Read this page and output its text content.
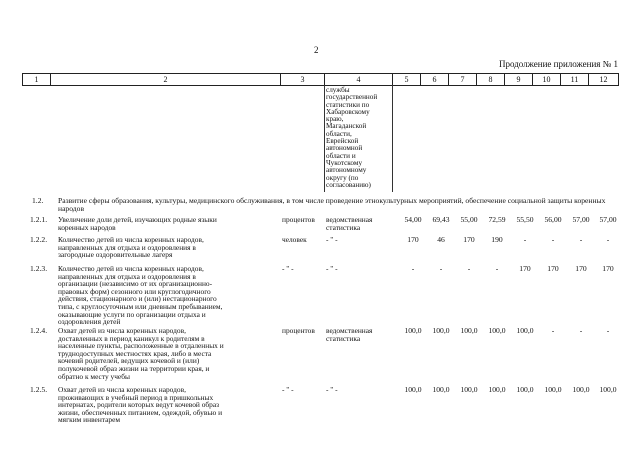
2
Продолжение приложения № 1
1	2	3	4	5	6	7	8	9	10	11	12
службы
государственной
статистики по
Хабаровскому
краю,
Магаданской
области,
Еврейской
автономной
области и
Чукотскому
автономному
округу (по
согласованию)
1.2. Развитие сферы образования, культуры, медицинского обслуживания, в том числе проведение этнокультурных мероприятий, обеспечение социальной защиты коренных народов
1.2.1. Увеличение доли детей, изучающих родные языки
коренных народов
процентов ведомственная
статистика
54,00	69,43	55,00	72,59	55,50	56,00	57,00	57,00
1.2.2. Количество детей из числа коренных народов,
направленных для отдыха и оздоровления в
загородные оздоровительные лагеря
человек	- " -	170	46	170	190	-	-	-	-
1.2.3. Количество детей из числа коренных народов,
направленных для отдыха и оздоровления в
организации (независимо от их организационно-
правовых форм) сезонного или круглогодичного
действия, стационарного и (или) нестационарного
типа, с круглосуточным или дневным пребыванием,
оказывающие услуги по организации отдыха и
оздоровления детей
- " -	- " -	-	-	-	-	170	170	170	170
1.2.4. Охват детей из числа коренных народов,
доставленных в период каникул к родителям в
населенные пункты, расположенные в отдаленных и
труднодоступных местностях края, либо в места
кочевий родителей, ведущих кочевой и (или)
полукочевой образ жизни на территории края, и
обратно к месту учебы
процентов ведомственная
статистика
100,0	100,0	100,0	100,0	100,0	-	-	-
1.2.5. Охват детей из числа коренных народов,
проживающих в учебный период в пришкольных
интернатах, родители которых ведут кочевой образ
жизни, обеспеченных питанием, одеждой, обувью и
мягким инвентарем
- " -	- " -	100,0	100,0	100,0	100,0	100,0	100,0	100,0	100,0
